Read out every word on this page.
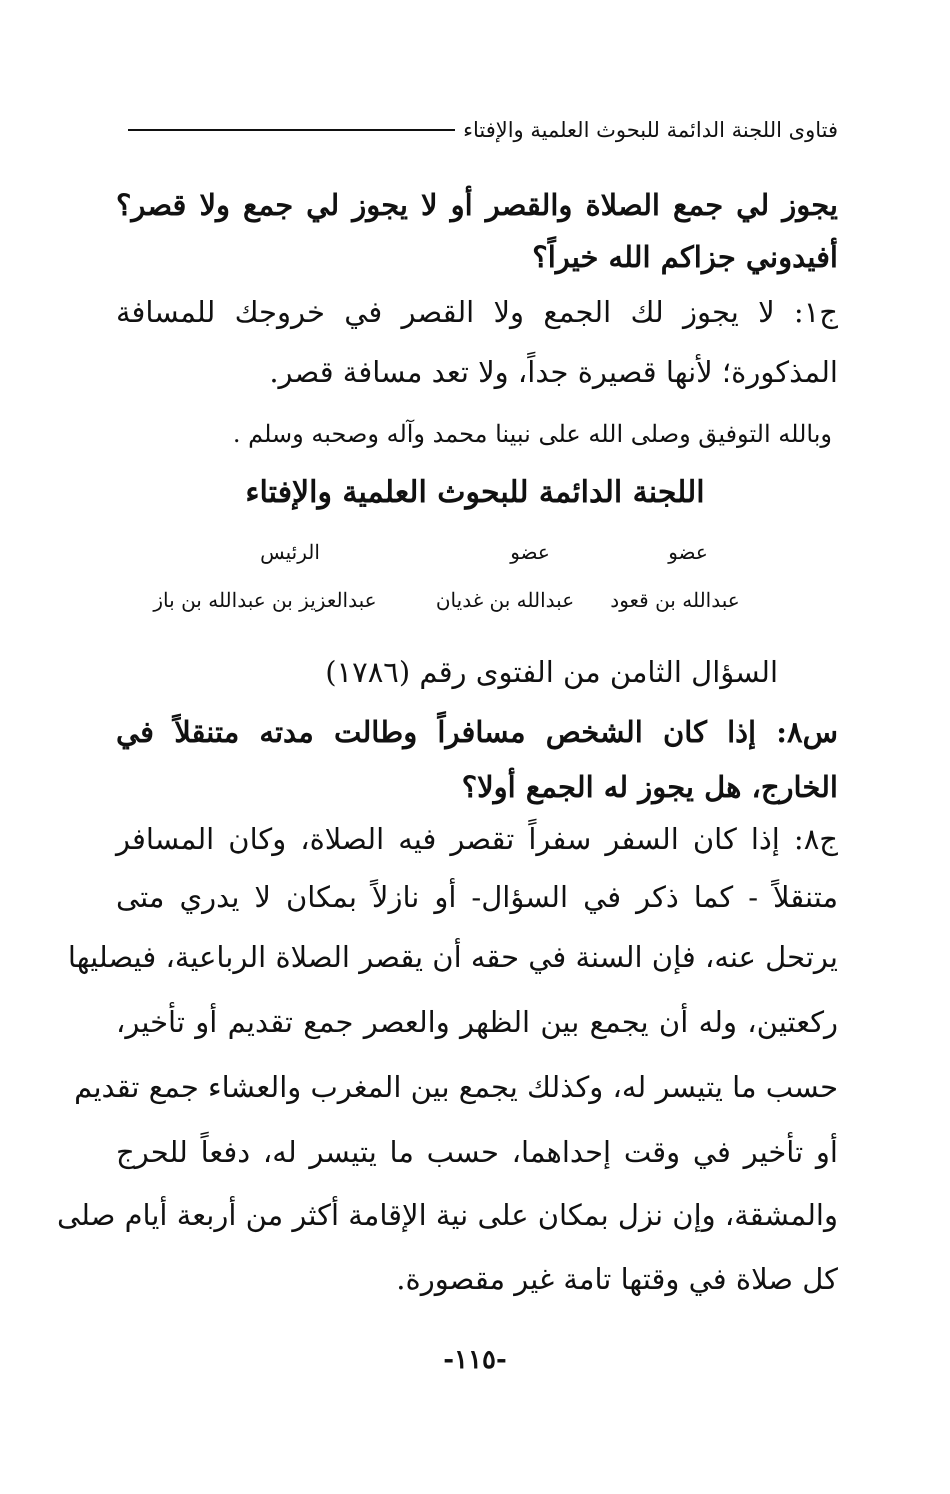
فتاوى اللجنة الدائمة للبحوث العلمية والإفتاء
يجوز لي جمع الصلاة والقصر أو لا يجوز لي جمع ولا قصر؟
أفيدوني جزاكم الله خيراً؟
ج١: لا يجوز لك الجمع ولا القصر في خروجك للمسافة
المذكورة؛ لأنها قصيرة جداً، ولا تعد مسافة قصر.
وبالله التوفيق وصلى الله على نبينا محمد وآله وصحبه وسلم .
اللجنة الدائمة للبحوث العلمية والإفتاء
عضو
عبدالله بن قعود
عضو
عبدالله بن غديان
الرئيس
عبدالعزيز بن عبدالله بن باز
السؤال الثامن من الفتوى رقم (١٧٨٦)
س٨: إذا كان الشخص مسافراً وطالت مدته متنقلاً في
الخارج، هل يجوز له الجمع أولا؟
ج٨: إذا كان السفر سفراً تقصر فيه الصلاة، وكان المسافر
متنقلاً - كما ذكر في السؤال- أو نازلاً بمكان لا يدري متى
يرتحل عنه، فإن السنة في حقه أن يقصر الصلاة الرباعية، فيصليها
ركعتين، وله أن يجمع بين الظهر والعصر جمع تقديم أو تأخير،
حسب ما يتيسر له، وكذلك يجمع بين المغرب والعشاء جمع تقديم
أو تأخير في وقت إحداهما، حسب ما يتيسر له، دفعاً للحرج
والمشقة، وإن نزل بمكان على نية الإقامة أكثر من أربعة أيام صلى
كل صلاة في وقتها تامة غير مقصورة.
-١١٥-
